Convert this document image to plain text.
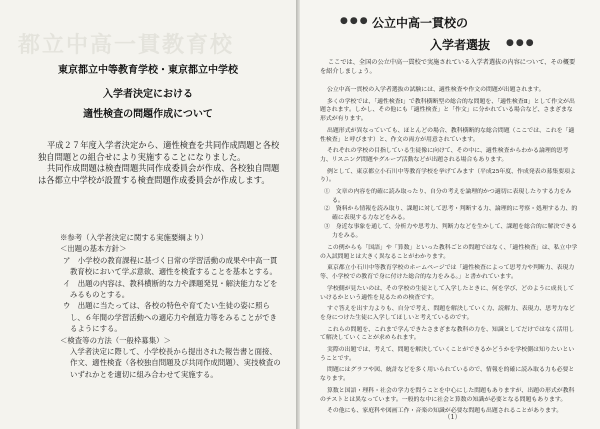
都立中高一貫教育校
東京都立中等教育学校・東京都立中学校
入学者決定における
適性検査の問題作成について

平成２７年度入学者決定から、適性検査を共同作成問題と各校独自問題との組合せにより実施することになりました。

共同作成問題は検査問題共同作成委員会が作成、各校独自問題は各都立中学校が設置する検査問題作成委員会が作成します。

※参考（入学者決定に関する実施要綱より）
＜出題の基本方針＞
ア　小学校の教育課程に基づく日常の学習活動の成果や中高一貫教育校において学ぶ意欲、適性を検査することを基本とする。
イ　出題の内容は、教科横断的な力や課題発見・解決能力などをみるものとする。
ウ　出題に当たっては、各校の特色や育てたい生徒の姿に照らし、６年間の学習活動への適応力や創造力等をみることができるようにする。
＜検査等の方法（一般枠募集）＞
入学者決定に際して、小学校長から提出された報告書と面接、作文、適性検査（各校独自問題及び共同作成問題）、実技検査のいずれかとを適切に組み合わせて実施する。
●●● 公立中高一貫校の
入学者選抜 ●●●
ここでは、全国の公立中高一貫校で実施されている入学者選抜の内容について、その概要を紹介しましょう。

公立中高一貫校の入学者選抜の試験には、適性検査や作文の問題が出題されます。

多くの学校では、「適性検査Ⅰ」で教科横断型の総合的な問題を、「適性検査Ⅱ」として作文が出題されます。しかし、その他にも「適性検査」と「作文」に分かれている場合など、さまざまな形式が有ります。

出題形式が異なっていても、ほとんどの場合、教科横断的な総合問題（ここでは、これを「適性検査」と呼びます）と、作文の両方が用意されています。

それぞれの学校の目指している生徒像に向けて、その中に、適性検査からわかる論理的思考力、リスニング問題やグループ活動などが出題される場合もあります。

例として、東京都立小石川中等教育学校を挙げてみます（平成25年度、作成発表の募集要項より）。

①　文章の内容を的確に読み取ったり、自分の考えを論理的かつ適切に表現したりする力をみる。

②　資料から情報を読み取り、課題に対して思考・判断する力、論理的に考察・処理する力、的確に表現する力などをみる。

③　身近な事象を通して、分析力や思考力、判断力などを生かして、課題を総合的に解決できる力をみる。

この例からも「国語」や「算数」といった教科ごとの問題ではなく、「適性検査」は、私立中学の入試問題とは大きく異なることがわかります。

東京都立小石川中等教育学校のホームページでは「適性検査によって思考力や判断力、表現力等、小学校での教育で身に付けた総合的な力をみる。」と書かれています。

学校側が見たいのは、その学校の生徒として入学したときに、何を学び、どのように成長していけるかという適性を見るための検査です。

すぐ答えを出す力よりも、自分で考え、問題を解決していく力、読解力、表現力、思考力などを身につけた生徒に入学してほしいと考えているのです。

これらの問題を、これまで学んできたさまざまな教科の力を、知識としてだけではなく活用して解決していくことが求められます。

実際の出題では、考えて、問題を解決していくことができるかどうかを学校側は知りたいということです。

問題にはグラフや図、統計などを多く用いられているので、情報を的確に読み取る力も必要となります。

算数と国語・理科・社会の学力を問うことを中心にした問題もありますが、出題の形式が教科のテストとは異なっています。一般的な中に社会と算数の知識が必要となる問題もあります。

その他にも、家庭科や図画工作・音楽の知識が必要な問題も出題されることがあります。

（1）
